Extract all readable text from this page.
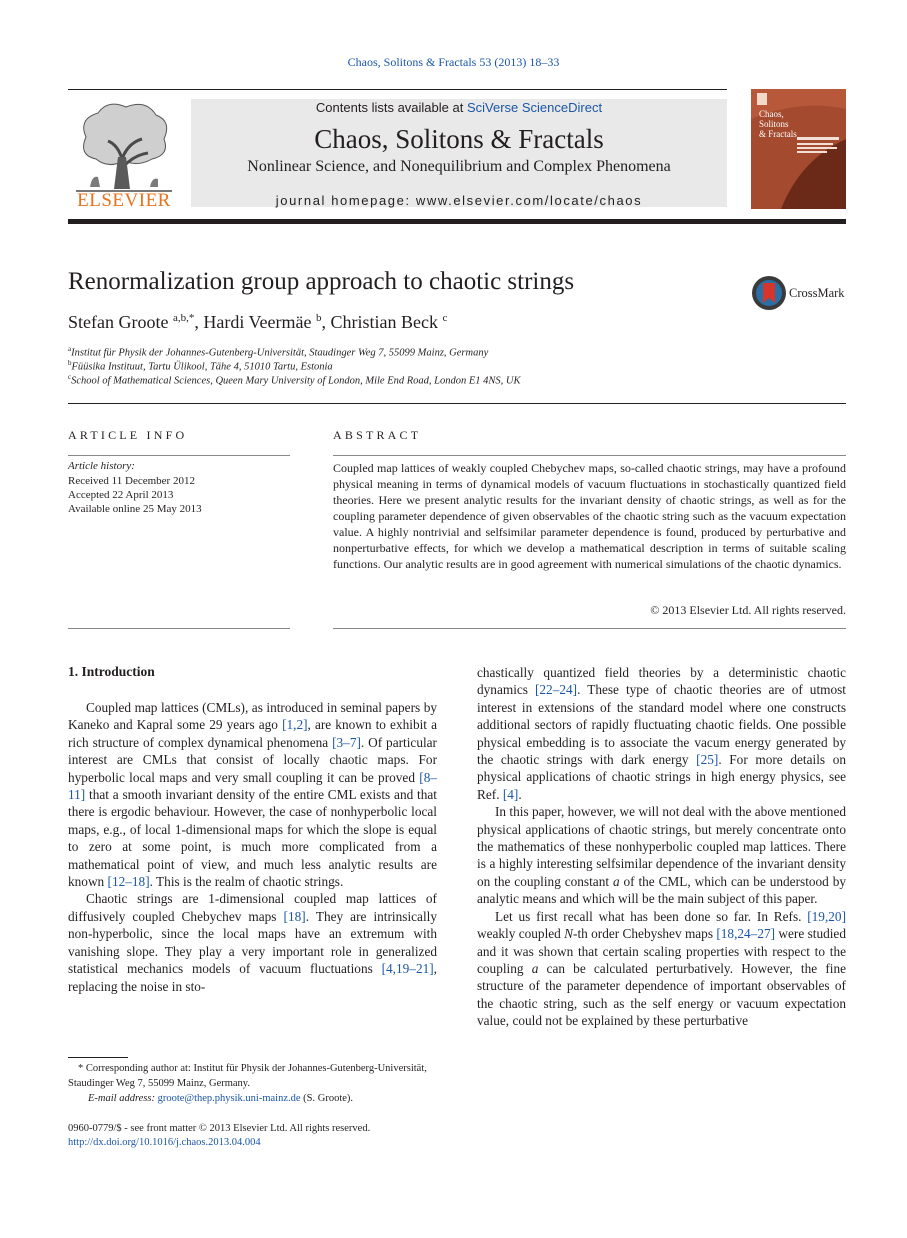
Chaos, Solitons & Fractals 53 (2013) 18–33
ELSEVIER
Contents lists available at SciVerse ScienceDirect
Chaos, Solitons & Fractals
Nonlinear Science, and Nonequilibrium and Complex Phenomena
journal homepage: www.elsevier.com/locate/chaos
Chaos,
Solitons
& Fractals
Renormalization group approach to chaotic strings	CrossMark
Stefan Groote $^{a,b,*}$, Hardi Veermäe $^b$, Christian Beck $^c$
$^a$Institut für Physik der Johannes-Gutenberg-Universität, Staudinger Weg 7, 55099 Mainz, Germany
$^b$Füüsika Instituut, Tartu Ülikool, Tähe 4, 51010 Tartu, Estonia
$^c$School of Mathematical Sciences, Queen Mary University of London, Mile End Road, London E1 4NS, UK
ARTICLE INFO
Article history:
Received 11 December 2012
Accepted 22 April 2013
Available online 25 May 2013
ABSTRACT
Coupled map lattices of weakly coupled Chebychev maps, so-called chaotic strings, may have a profound physical meaning in terms of dynamical models of vacuum fluctuations in stochastically quantized field theories. Here we present analytic results for the invariant density of chaotic strings, as well as for the coupling parameter dependence of given observables of the chaotic string such as the vacuum expectation value. A highly nontrivial and selfsimilar parameter dependence is found, produced by perturbative and nonperturbative effects, for which we develop a mathematical description in terms of suitable scaling functions. Our analytic results are in good agreement with numerical simulations of the chaotic dynamics.
© 2013 Elsevier Ltd. All rights reserved.
1. Introduction

Coupled map lattices (CMLs), as introduced in seminal papers by Kaneko and Kapral some 29 years ago [1,2], are known to exhibit a rich structure of complex dynamical phenomena [3–7]. Of particular interest are CMLs that consist of locally chaotic maps. For hyperbolic local maps and very small coupling it can be proved [8–11] that a smooth invariant density of the entire CML exists and that there is ergodic behaviour. However, the case of nonhyperbolic local maps, e.g., of local 1-dimensional maps for which the slope is equal to zero at some point, is much more complicated from a mathematical point of view, and much less analytic results are known [12–18]. This is the realm of chaotic strings.

Chaotic strings are 1-dimensional coupled map lattices of diffusively coupled Chebychev maps [18]. They are intrinsically non-hyperbolic, since the local maps have an extremum with vanishing slope. They play a very important role in generalized statistical mechanics models of vacuum fluctuations [4,19–21], replacing the noise in sto-

chastically quantized field theories by a deterministic chaotic dynamics [22–24]. These type of chaotic theories are of utmost interest in extensions of the standard model where one constructs additional sectors of rapidly fluctuating chaotic fields. One possible physical embedding is to associate the vacum energy generated by the chaotic strings with dark energy [25]. For more details on physical applications of chaotic strings in high energy physics, see Ref. [4].

In this paper, however, we will not deal with the above mentioned physical applications of chaotic strings, but merely concentrate onto the mathematics of these nonhyperbolic coupled map lattices. There is a highly interesting selfsimilar dependence of the invariant density on the coupling constant a of the CML, which can be understood by analytic means and which will be the main subject of this paper.

Let us first recall what has been done so far. In Refs. [19,20] weakly coupled N-th order Chebyshev maps [18,24–27] were studied and it was shown that certain scaling properties with respect to the coupling a can be calculated perturbatively. However, the fine structure of the parameter dependence of important observables of the chaotic string, such as the self energy or vacuum expectation value, could not be explained by these perturbative

* Corresponding author at: Institut für Physik der Johannes-Gutenberg-Universität, Staudinger Weg 7, 55099 Mainz, Germany.
E-mail address: groote@thep.physik.uni-mainz.de (S. Groote).
0960-0779/$ - see front matter © 2013 Elsevier Ltd. All rights reserved.
http://dx.doi.org/10.1016/j.chaos.2013.04.004
